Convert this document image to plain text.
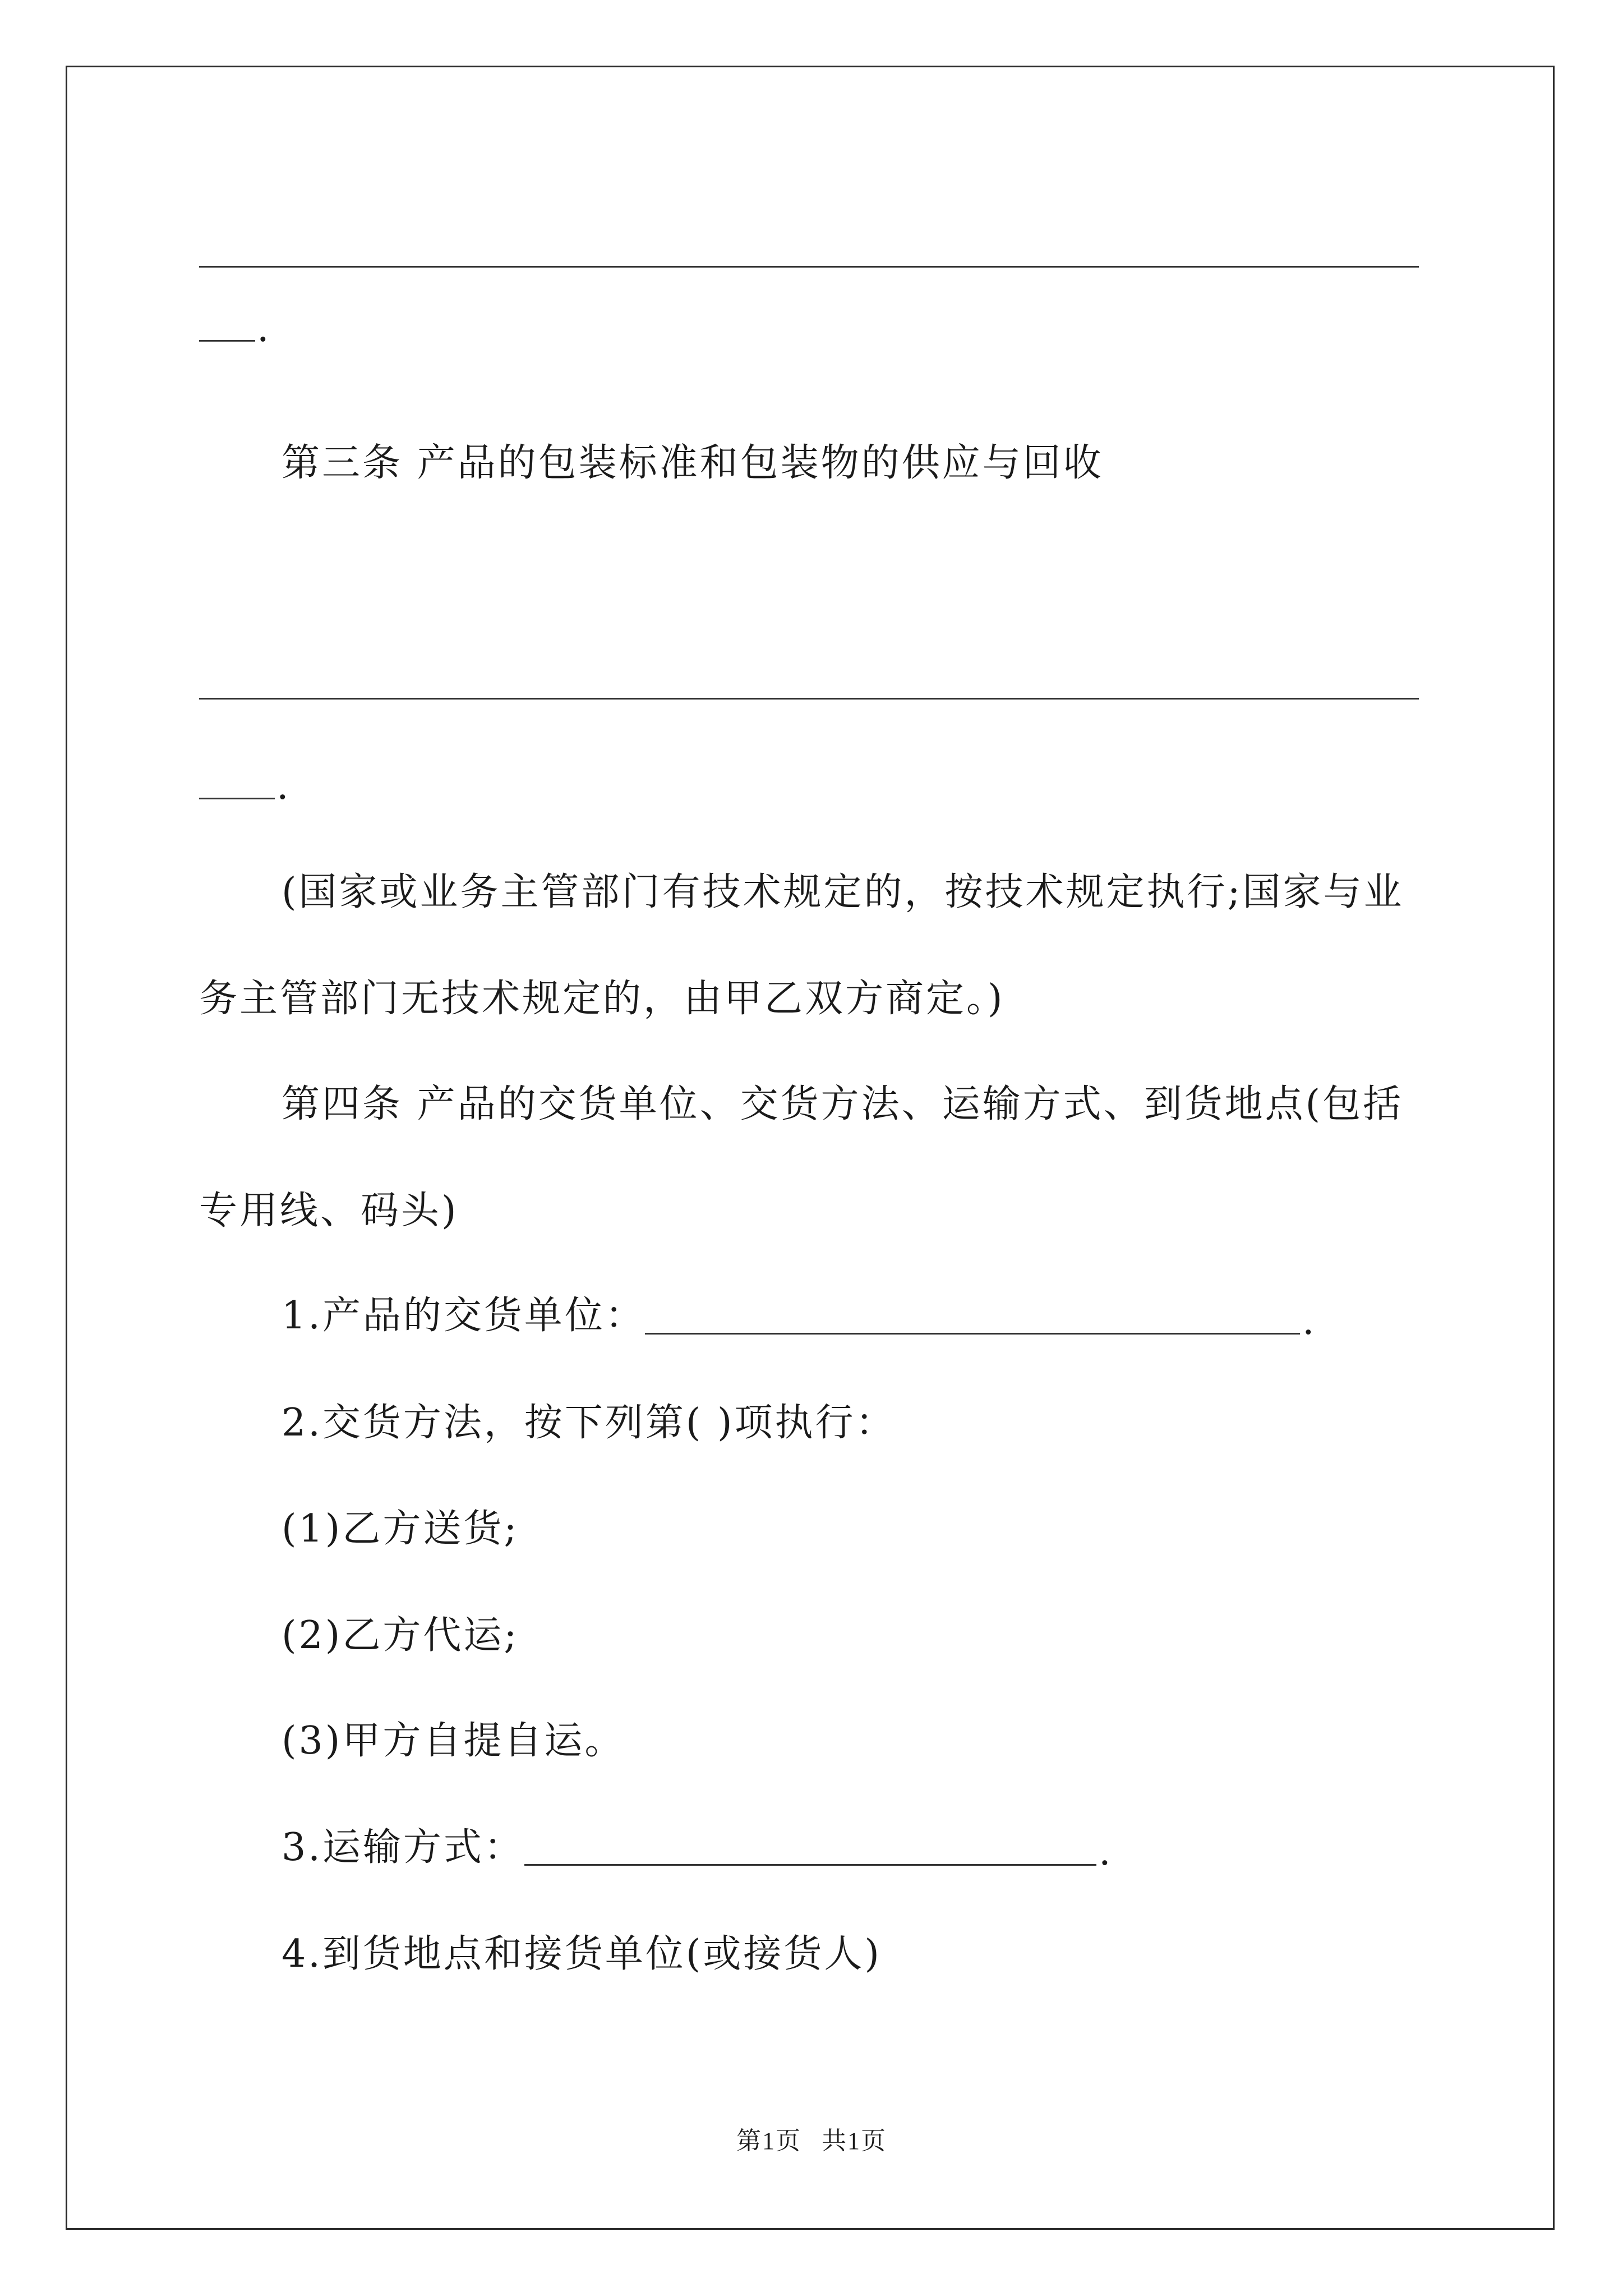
.
第三条 产品的包装标准和包装物的供应与回收
.
(国家或业务主管部门有技术规定的，按技术规定执行;国家与业
务主管部门无技术规定的，由甲乙双方商定。)
第四条 产品的交货单位、交货方法、运输方式、到货地点(包括
专用线、码头)
1.产品的交货单位：	.
2.交货方法，按下列第( )项执行：
(1)乙方送货;
(2)乙方代运;
(3)甲方自提自运。
3.运输方式：	.
4.到货地点和接货单位(或接货人)
第1页 共1页
